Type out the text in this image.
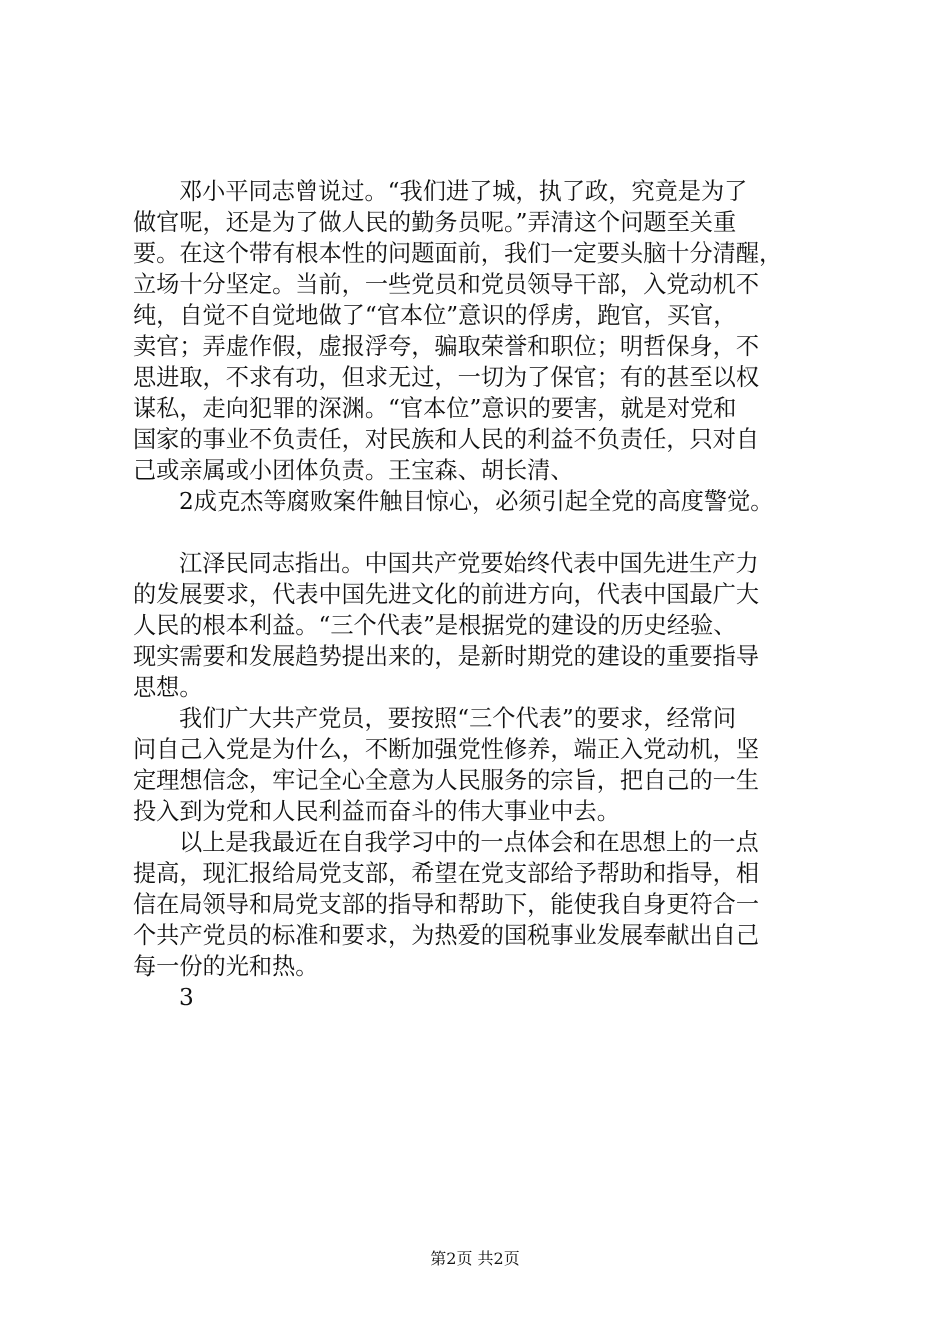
邓小平同志曾说过。“我们进了城，执了政，究竟是为了

做官呢，还是为了做人民的勤务员呢。”弄清这个问题至关重

要。在这个带有根本性的问题面前，我们一定要头脑十分清醒，

立场十分坚定。当前，一些党员和党员领导干部，入党动机不

纯，自觉不自觉地做了“官本位”意识的俘虏，跑官，买官，

卖官；弄虚作假，虚报浮夸，骗取荣誉和职位；明哲保身，不

思进取，不求有功，但求无过，一切为了保官；有的甚至以权

谋私，走向犯罪的深渊。“官本位”意识的要害，就是对党和

国家的事业不负责任，对民族和人民的利益不负责任，只对自

己或亲属或小团体负责。王宝森、胡长清、

2成克杰等腐败案件触目惊心，必须引起全党的高度警觉。

江泽民同志指出。中国共产党要始终代表中国先进生产力

的发展要求，代表中国先进文化的前进方向，代表中国最广大

人民的根本利益。“三个代表”是根据党的建设的历史经验、

现实需要和发展趋势提出来的，是新时期党的建设的重要指导

思想。

我们广大共产党员，要按照“三个代表”的要求，经常问

问自己入党是为什么，不断加强党性修养，端正入党动机，坚

定理想信念，牢记全心全意为人民服务的宗旨，把自己的一生

投入到为党和人民利益而奋斗的伟大事业中去。

以上是我最近在自我学习中的一点体会和在思想上的一点

提高，现汇报给局党支部，希望在党支部给予帮助和指导，相

信在局领导和局党支部的指导和帮助下，能使我自身更符合一

个共产党员的标准和要求，为热爱的国税事业发展奉献出自己

每一份的光和热。

3

第2页 共2页
